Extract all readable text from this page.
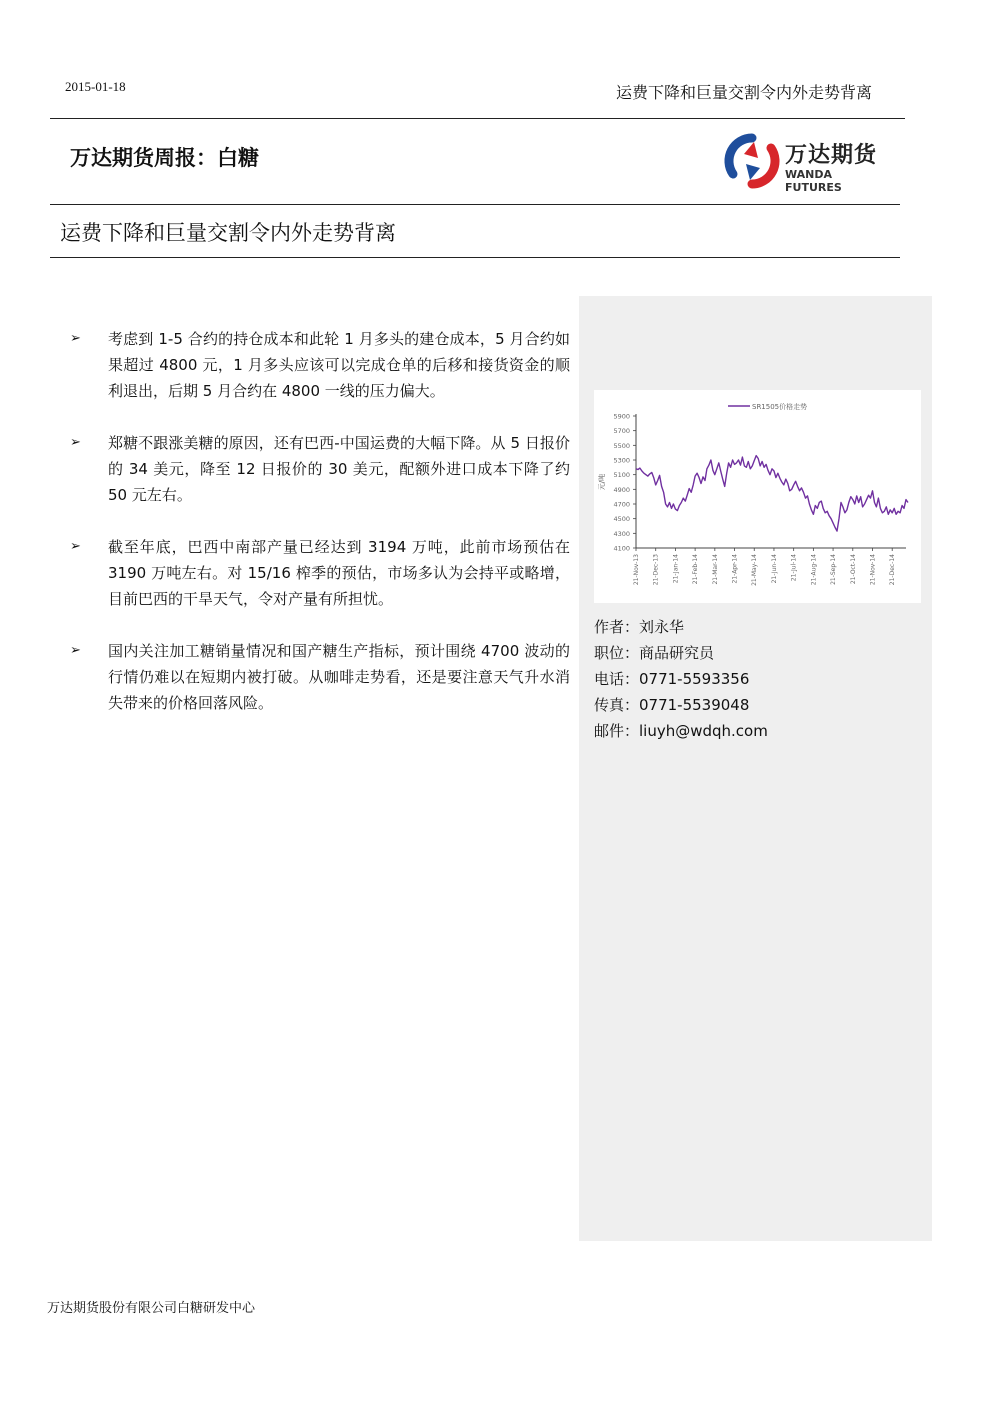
2015-01-18	运费下降和巨量交割令内外走势背离
万达期货周报：白糖	万达期货
WANDA FUTURES
运费下降和巨量交割令内外走势背离
➢	考虑到 1-5 合约的持仓成本和此轮 1 月多头的建仓成本，5 月合约如果超过 4800 元，1 月多头应该可以完成仓单的后移和接货资金的顺利退出，后期 5 月合约在 4800 一线的压力偏大。
➢	郑糖不跟涨美糖的原因，还有巴西-中国运费的大幅下降。从 5 日报价的 34 美元，降至 12 日报价的 30 美元，配额外进口成本下降了约 50 元左右。
➢	截至年底，巴西中南部产量已经达到 3194 万吨，此前市场预估在 3190 万吨左右。对 15/16 榨季的预估，市场多认为会持平或略增，目前巴西的干旱天气，令对产量有所担忧。
➢	国内关注加工糖销量情况和国产糖生产指标，预计围绕 4700 波动的行情仍难以在短期内被打破。从咖啡走势看，还是要注意天气升水消失带来的价格回落风险。
4100
4300
4500
4700
4900
5100
5300
5500
5700
5900
元/吨
21-Nov-13 21-Dec-13 21-Jan-14 21-Feb-14 21-Mar-14 21-Apr-14 21-May-14 21-Jun-14 21-Jul-14 21-Aug-14 21-Sep-14 21-Oct-14 21-Nov-14 21-Dec-14
SR1505价格走势
作者：刘永华
职位：商品研究员
电话：0771-5593356
传真：0771-5539048
邮件：liuyh@wdqh.com
万达期货股份有限公司白糖研发中心
